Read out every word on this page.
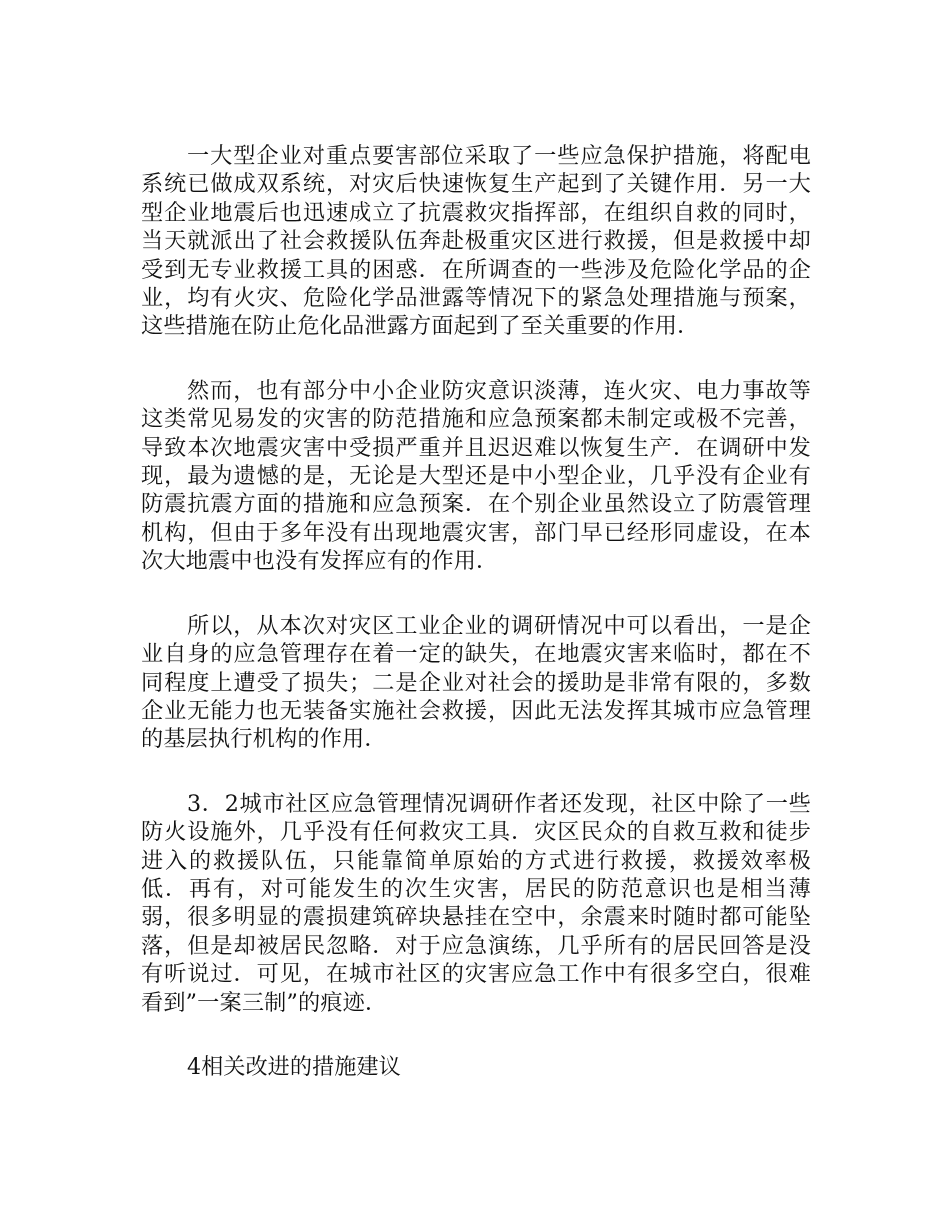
一大型企业对重点要害部位采取了一些应急保护措施，将配电系统已做成双系统，对灾后快速恢复生产起到了关键作用．另一大型企业地震后也迅速成立了抗震救灾指挥部，在组织自救的同时，当天就派出了社会救援队伍奔赴极重灾区进行救援，但是救援中却受到无专业救援工具的困惑．在所调查的一些涉及危险化学品的企业，均有火灾、危险化学品泄露等情况下的紧急处理措施与预案，这些措施在防止危化品泄露方面起到了至关重要的作用．

然而，也有部分中小企业防灾意识淡薄，连火灾、电力事故等这类常见易发的灾害的防范措施和应急预案都未制定或极不完善，导致本次地震灾害中受损严重并且迟迟难以恢复生产．在调研中发现，最为遗憾的是，无论是大型还是中小型企业，几乎没有企业有防震抗震方面的措施和应急预案．在个别企业虽然设立了防震管理机构，但由于多年没有出现地震灾害，部门早已经形同虚设，在本次大地震中也没有发挥应有的作用．

所以，从本次对灾区工业企业的调研情况中可以看出，一是企业自身的应急管理存在着一定的缺失，在地震灾害来临时，都在不同程度上遭受了损失；二是企业对社会的援助是非常有限的，多数企业无能力也无装备实施社会救援，因此无法发挥其城市应急管理的基层执行机构的作用．

3．2城市社区应急管理情况调研作者还发现，社区中除了一些防火设施外，几乎没有任何救灾工具．灾区民众的自救互救和徒步进入的救援队伍，只能靠简单原始的方式进行救援，救援效率极低．再有，对可能发生的次生灾害，居民的防范意识也是相当薄弱，很多明显的震损建筑碎块悬挂在空中，余震来时随时都可能坠落，但是却被居民忽略．对于应急演练，几乎所有的居民回答是没有听说过．可见，在城市社区的灾害应急工作中有很多空白，很难看到”一案三制”的痕迹．

4相关改进的措施建议
